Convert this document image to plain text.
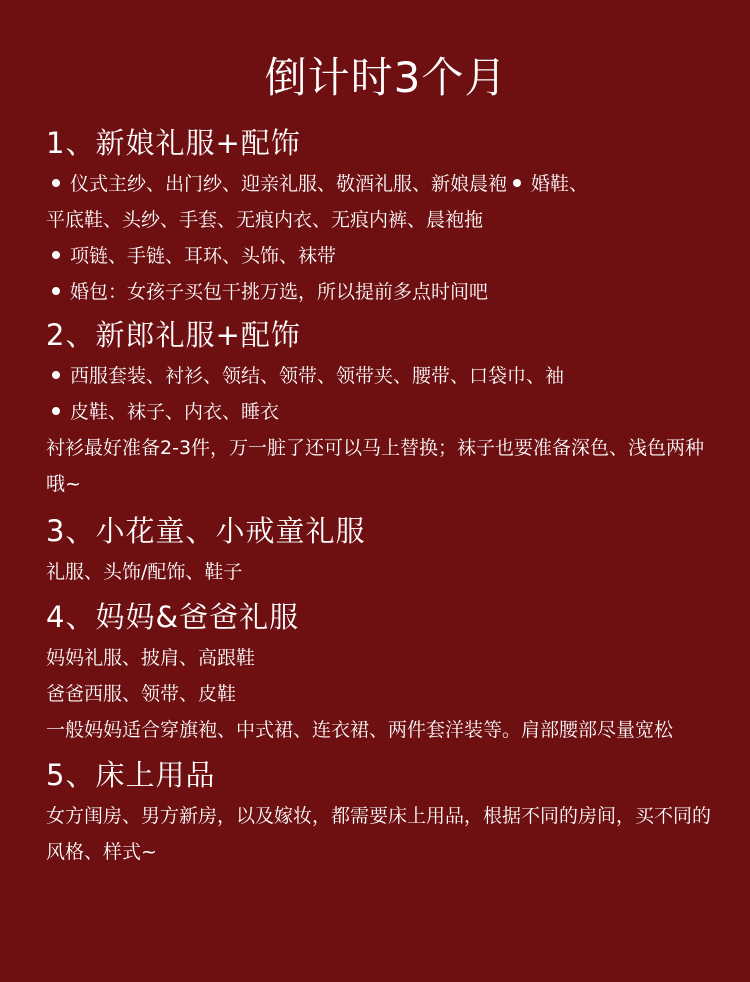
倒计时3个月
1、新娘礼服+配饰

仪式主纱、出门纱、迎亲礼服、敬酒礼服、新娘晨袍 婚鞋、

平底鞋、头纱、手套、无痕内衣、无痕内裤、晨袍拖

项链、手链、耳环、头饰、袜带

婚包：女孩子买包干挑万选，所以提前多点时间吧

2、新郎礼服+配饰

西服套装、衬衫、领结、领带、领带夹、腰带、口袋巾、袖

皮鞋、袜子、内衣、睡衣

衬衫最好准备2-3件，万一脏了还可以马上替换；袜子也要准备深色、浅色两种哦~

3、小花童、小戒童礼服

礼服、头饰/配饰、鞋子

4、妈妈&爸爸礼服

妈妈礼服、披肩、高跟鞋

爸爸西服、领带、皮鞋

一般妈妈适合穿旗袍、中式裙、连衣裙、两件套洋装等。肩部腰部尽量宽松

5、床上用品

女方闺房、男方新房，以及嫁妆，都需要床上用品，根据不同的房间，买不同的风格、样式~
